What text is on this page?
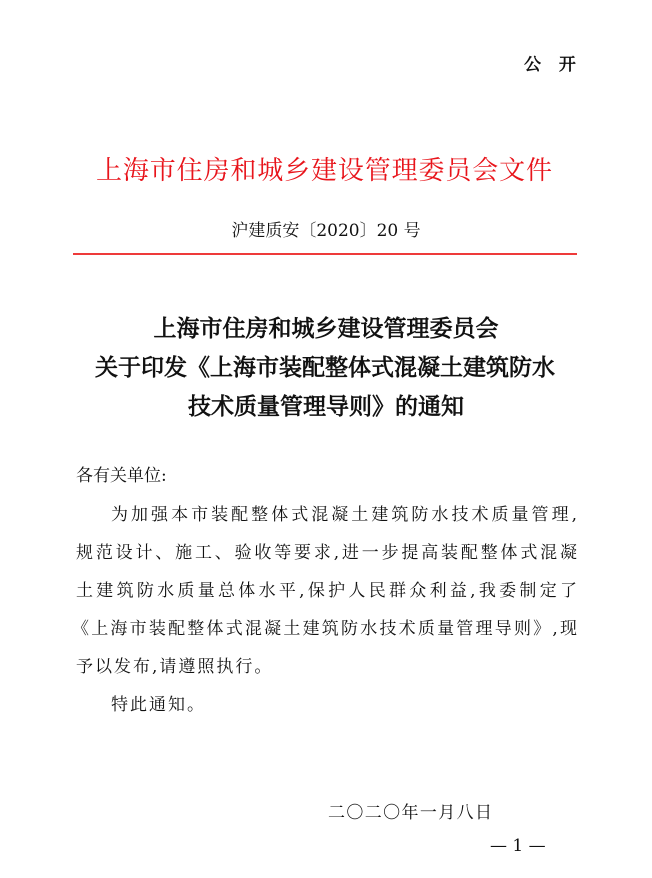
公 开
上海市住房和城乡建设管理委员会文件
沪建质安〔2020〕20 号
上海市住房和城乡建设管理委员会
关于印发《上海市装配整体式混凝土建筑防水
技术质量管理导则》的通知
各有关单位:
为加强本市装配整体式混凝土建筑防水技术质量管理,
规范设计、施工、验收等要求,进一步提高装配整体式混凝
土建筑防水质量总体水平,保护人民群众利益,我委制定了
《上海市装配整体式混凝土建筑防水技术质量管理导则》,现
予以发布,请遵照执行。
特此通知。
二〇二〇年一月八日
— 1 —
